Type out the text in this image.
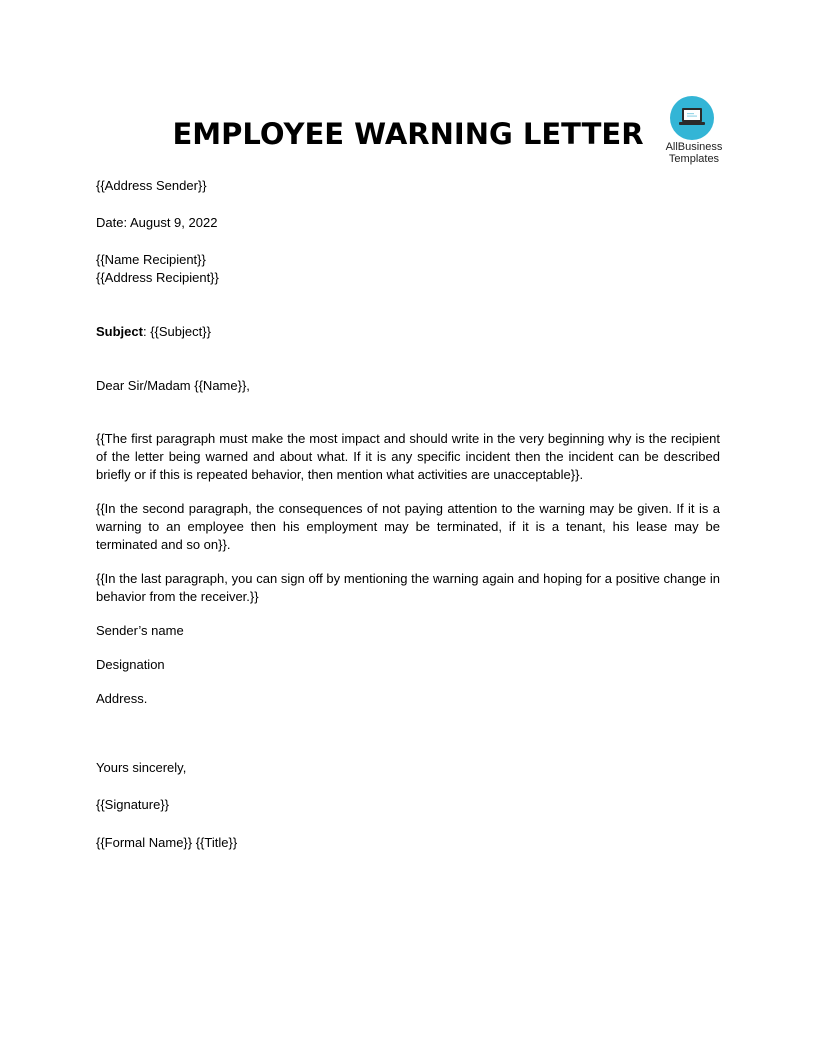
EMPLOYEE WARNING LETTER	AllBusiness
Templates

{{Address Sender}}

Date: August 9, 2022

{{Name Recipient}}

{{Address Recipient}}

Subject: {{Subject}}

Dear Sir/Madam {{Name}},

{{The first paragraph must make the most impact and should write in the very beginning why is the recipient of the letter being warned and about what. If it is any specific incident then the incident can be described briefly or if this is repeated behavior, then mention what activities are unacceptable}}.

{{In the second paragraph, the consequences of not paying attention to the warning may be given. If it is a warning to an employee then his employment may be terminated, if it is a tenant, his lease may be terminated and so on}}.

{{In the last paragraph, you can sign off by mentioning the warning again and hoping for a positive change in behavior from the receiver.}}

Sender’s name

Designation

Address.

Yours sincerely,

{{Signature}}

{{Formal Name}} {{Title}}
